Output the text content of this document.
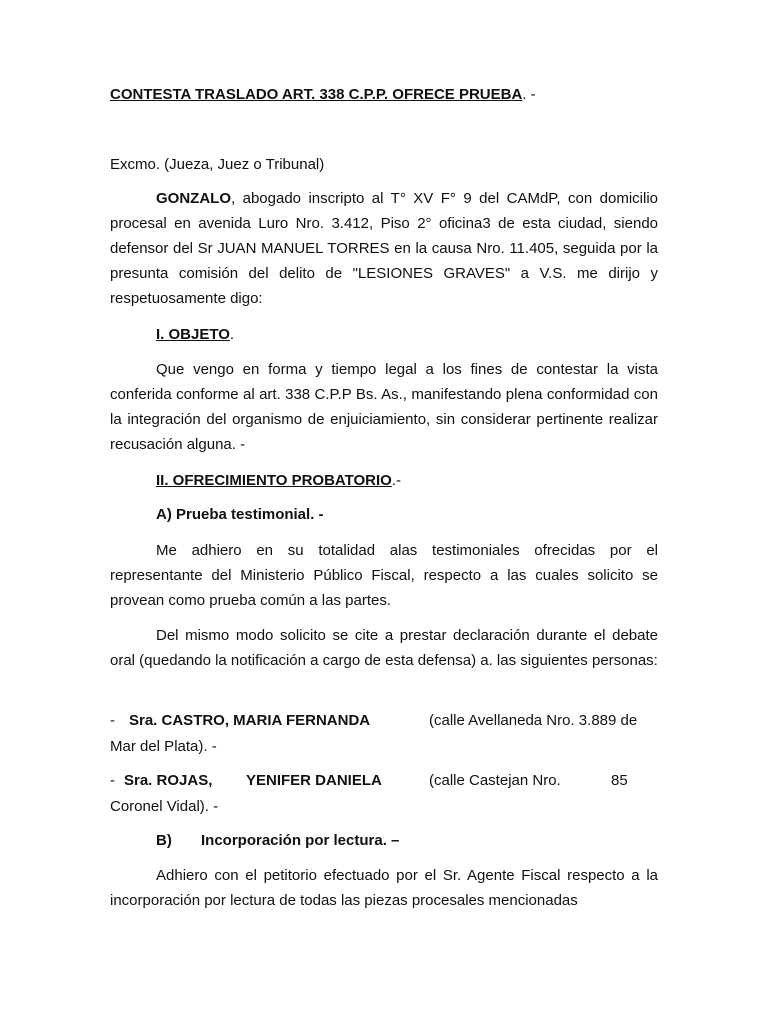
CONTESTA TRASLADO ART. 338 C.P.P. OFRECE PRUEBA. -
Excmo. (Jueza, Juez o Tribunal)
GONZALO, abogado inscripto al T° XV F° 9 del CAMdP, con domicilio procesal en avenida Luro Nro. 3.412, Piso 2° oficina3 de esta ciudad, siendo defensor del Sr JUAN MANUEL TORRES en la causa Nro. 11.405, seguida por la presunta comisión del delito de "LESIONES GRAVES" a V.S. me dirijo y respetuosamente digo:
I. OBJETO.
Que vengo en forma y tiempo legal a los fines de contestar la vista conferida conforme al art. 338 C.P.P Bs. As., manifestando plena conformidad con la integración del organismo de enjuiciamiento, sin considerar pertinente realizar recusación alguna. -
II. OFRECIMIENTO PROBATORIO.-
A) Prueba testimonial. -
Me adhiero en su totalidad alas testimoniales ofrecidas por el representante del Ministerio Público Fiscal, respecto a las cuales solicito se provean como prueba común a las partes.
Del mismo modo solicito se cite a prestar declaración durante el debate oral (quedando la notificación a cargo de esta defensa) a. las siguientes personas:
- Sra. CASTRO, MARIA FERNANDA	(calle Avellaneda Nro. 3.889 de
Mar del Plata). -
- Sra. ROJAS, YENIFER DANIELA	(calle Castejan Nro.	85
Coronel Vidal). -
B) Incorporación por lectura. –
Adhiero con el petitorio efectuado por el Sr. Agente Fiscal respecto a la incorporación por lectura de todas las piezas procesales mencionadas
